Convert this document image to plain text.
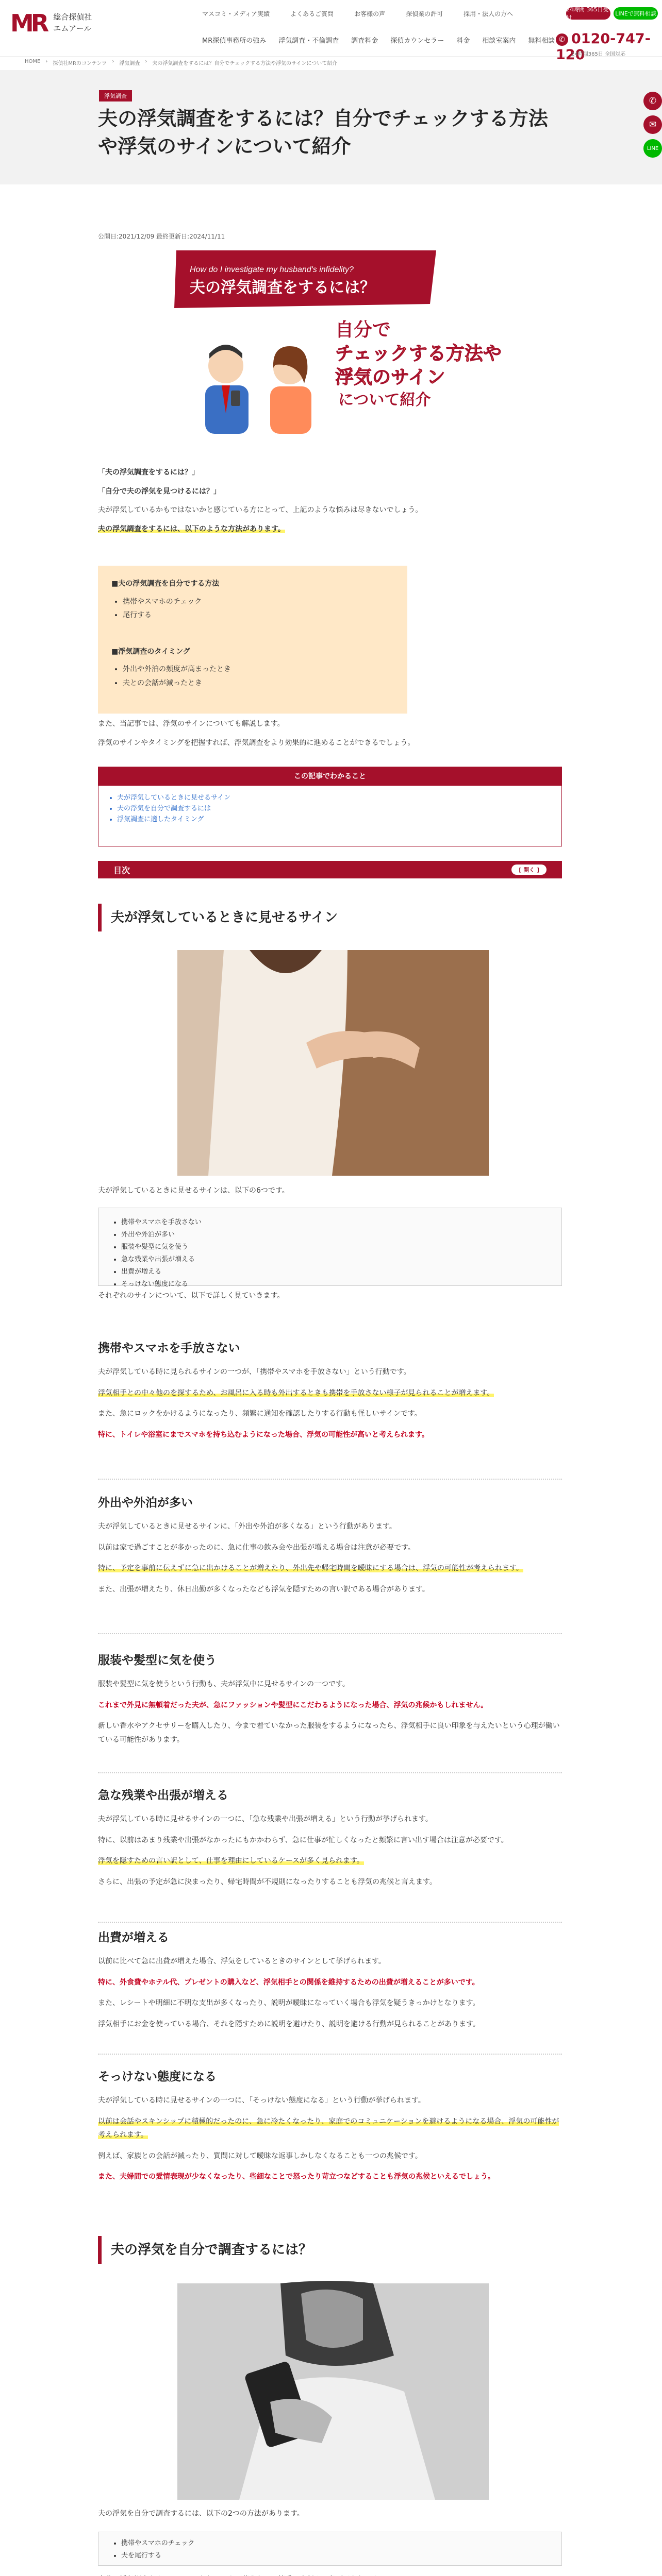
MR 総合探偵社
エムアール
マスコミ・メディア実績	よくあるご質問	お客様の声	探偵業の許可	採用・法人の方へ
24時間 365日受付
LINEで無料相談
MR探偵事務所の強み 浮気調査・不倫調査 調査料金 探偵カウンセラー 料金 相談室案内 無料相談 ✆ 0120-747-120
24時間365日 全国対応
HOME › 探偵社MRのコンテンツ › 浮気調査 › 夫の浮気調査をするには？自分でチェックする方法や浮気のサインについて紹介
浮気調査
夫の浮気調査をするには？自分でチェックする方法や浮気のサインについて紹介
✆
✉
LINE
公開日:2021/12/09 最終更新日:2024/11/11
How do I investigate my husband's infidelity?
夫の浮気調査をするには？
自分で
チェックする方法や
浮気のサイン
について紹介

「夫の浮気調査をするには？」

「自分で夫の浮気を見つけるには？」

夫が浮気しているかもではないかと感じている方にとって、上記のような悩みは尽きないでしょう。

夫の浮気調査をするには、以下のような方法があります。

■夫の浮気調査を自分でする方法

• 携帯やスマホのチェック
• 尾行する

■浮気調査のタイミング

• 外出や外泊の頻度が高まったとき
• 夫との会話が減ったとき

また、当記事では、浮気のサインについても解説します。

浮気のサインやタイミングを把握すれば、浮気調査をより効果的に進めることができるでしょう。

この記事でわかること
• 夫が浮気しているときに見せるサイン
• 夫の浮気を自分で調査するには
• 浮気調査に適したタイミング
目次	[ 開く ]
夫が浮気しているときに見せるサイン
夫が浮気しているときに見せるサインは、以下の6つです。
• 携帯やスマホを手放さない
• 外出や外泊が多い
• 服装や髪型に気を使う
• 急な残業や出張が増える
• 出費が増える
• そっけない態度になる
それぞれのサインについて、以下で詳しく見ていきます。
携帯やスマホを手放さない

夫が浮気している時に見られるサインの一つが、「携帯やスマホを手放さない」という行動です。

浮気相手との中々他のを探するため、お風呂に入る時も外出するときも携帯を手放さない様子が見られることが増えます。

また、急にロックをかけるようになったり、頻繁に通知を確認したりする行動も怪しいサインです。

特に、トイレや浴室にまでスマホを持ち込むようになった場合、浮気の可能性が高いと考えられます。

外出や外泊が多い

夫が浮気しているときに見せるサインに、「外出や外泊が多くなる」という行動があります。

以前は家で過ごすことが多かったのに、急に仕事の飲み会や出張が増える場合は注意が必要です。

特に、予定を事前に伝えずに急に出かけることが増えたり、外出先や帰宅時間を曖昧にする場合は、浮気の可能性が考えられます。

また、出張が増えたり、休日出勤が多くなったなども浮気を隠すための言い訳である場合があります。

服装や髪型に気を使う

服装や髪型に気を使うという行動も、夫が浮気中に見せるサインの一つです。

これまで外見に無頓着だった夫が、急にファッションや髪型にこだわるようになった場合、浮気の兆候かもしれません。

新しい香水やアクセサリーを購入したり、今まで着ていなかった服装をするようになったら、浮気相手に良い印象を与えたいという心理が働いている可能性があります。

急な残業や出張が増える

夫が浮気している時に見せるサインの一つに、「急な残業や出張が増える」という行動が挙げられます。

特に、以前はあまり残業や出張がなかったにもかかわらず、急に仕事が忙しくなったと頻繁に言い出す場合は注意が必要です。

浮気を隠すための言い訳として、仕事を理由にしているケースが多く見られます。

さらに、出張の予定が急に決まったり、帰宅時間が不規則になったりすることも浮気の兆候と言えます。

出費が増える

以前に比べて急に出費が増えた場合、浮気をしているときのサインとして挙げられます。

特に、外食費やホテル代、プレゼントの購入など、浮気相手との関係を維持するための出費が増えることが多いです。

また、レシートや明細に不明な支出が多くなったり、説明が曖昧になっていく場合も浮気を疑うきっかけとなります。

浮気相手にお金を使っている場合、それを隠すために説明を避けたり、説明を避ける行動が見られることがあります。

そっけない態度になる

夫が浮気している時に見せるサインの一つに、「そっけない態度になる」という行動が挙げられます。

以前は会話やスキンシップに積極的だったのに、急に冷たくなったり、家庭でのコミュニケーションを避けるようになる場合、浮気の可能性が考えられます。

例えば、家族との会話が減ったり、質問に対して曖昧な返事しかしなくなることも一つの兆候です。

また、夫婦間での愛情表現が少なくなったり、些細なことで怒ったり苛立つなどすることも浮気の兆候といえるでしょう。

夫の浮気を自分で調査するには？
夫の浮気を自分で調査するには、以下の2つの方法があります。
• 携帯やスマホのチェック
• 夫を尾行する
